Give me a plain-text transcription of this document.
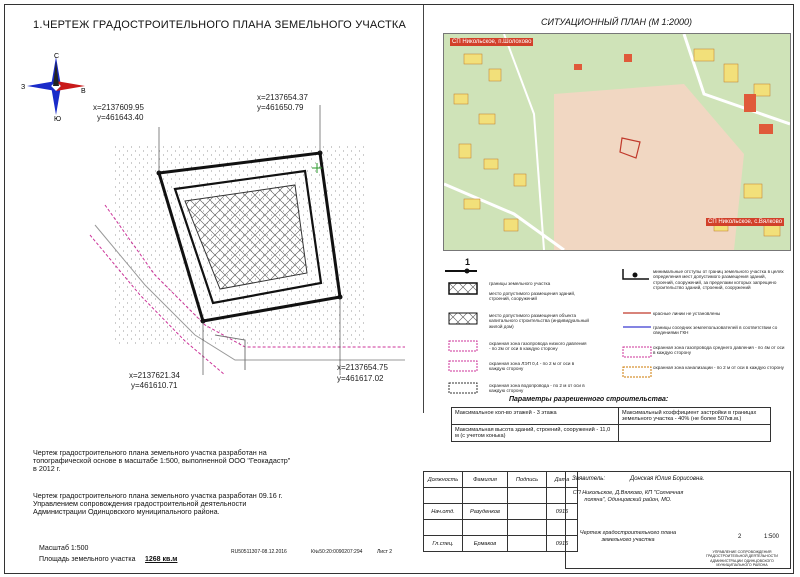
1.ЧЕРТЕЖ ГРАДОСТРОИТЕЛЬНОГО ПЛАНА ЗЕМЕЛЬНОГО УЧАСТКА	СИТУАЦИОННЫЙ ПЛАН (М 1:2000)
С
З
В
Ю
х=2137609.95
у=461643.40
х=2137654.37
у=461650.79
х=2137621.34
у=461610.71
х=2137654.75
у=461617.02
СП Никольское, п.Шолохово
СП Никольское, с.Вялково
1
границы земельного участка
место допустимого размещения зданий, строений, сооружений
место допустимого размещения объекта капитального строительства (индивидуальный жилой дом)
охранная зона газопровода низкого давления - по 2м от оси в каждую сторону
охранная зона ЛЭП 0,4 - по 2 м от оси в каждую сторону
охранная зона водопровода - по 2 м от оси в каждую сторону
минимальные отступы от границ земельного участка в целях определения мест допустимого размещения зданий, строений, сооружений, за пределами которых запрещено строительство зданий, строений, сооружений
красные линии не установлены
границы соседних землепользователей в соответствии со сведениями ГКН
охранная зона газопровода среднего давления - по 4м от оси в каждую сторону
охранная зона канализации - по 2 м от оси в каждую сторону
Параметры разрешенного строительства:
Максимальное кол-во этажей - 3 этажа	Максимальный коэффициент застройки в границах земельного участка - 40% (не более 507кв.м.)
Максимальная высота зданий, строений, сооружений - 11,0 м (с учетом конька)	
Чертеж градостроительного плана земельного участка разработан на топографической основе в масштабе 1:500, выполненной ООО "Геокадастр" в 2012 г.
Чертеж градостроительного плана земельного участка разработан 09.16 г. Управлением сопровождения градостроительной деятельности Администрации Одинцовского муниципального района.
Масштаб 1:500
Площадь земельного участка 1268 кв.м
Должность	Фамилия	Подпись	Дата

Нач.отд.	Разуденков		0916

Гл.спец.	Ермаков		0916
Заявитель:	Донская Юлия Борисовна.
СП Никольское, Д.Вялково, КП "Солнечная поляна", Одинцовский район, МО.
Чертеж градостроительного плана земельного участка	2	1:500
УПРАВЛЕНИЕ СОПРОВОЖДЕНИЯ ГРАДОСТРОИТЕЛЬНОЙ ДЕЯТЕЛЬНОСТИ АДМИНИСТРАЦИИ ОДИНЦОВСКОГО МУНИЦИПАЛЬНОГО РАЙОНА
RU50511307-08.12.2016	К№50:20:0090207:294	Лист 2
